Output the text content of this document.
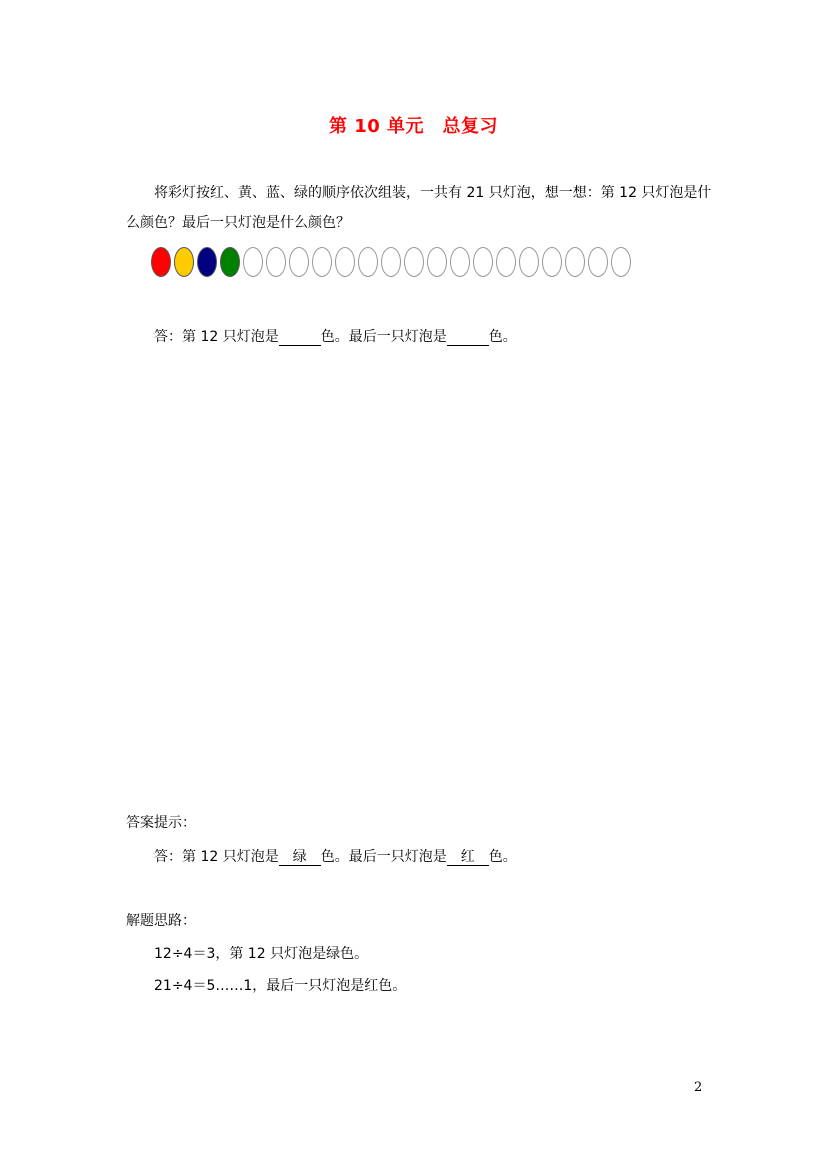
第 10 单元　总复习
将彩灯按红、黄、蓝、绿的顺序依次组装，一共有 21 只灯泡，想一想：第 12 只灯泡是什么颜色？最后一只灯泡是什么颜色？
答：第 12 只灯泡是	色。最后一只灯泡是	色。
答案提示：
答：第 12 只灯泡是 绿 色。最后一只灯泡是 红 色。
解题思路：
12÷4＝3，第 12 只灯泡是绿色。
21÷4＝5……1，最后一只灯泡是红色。
2
